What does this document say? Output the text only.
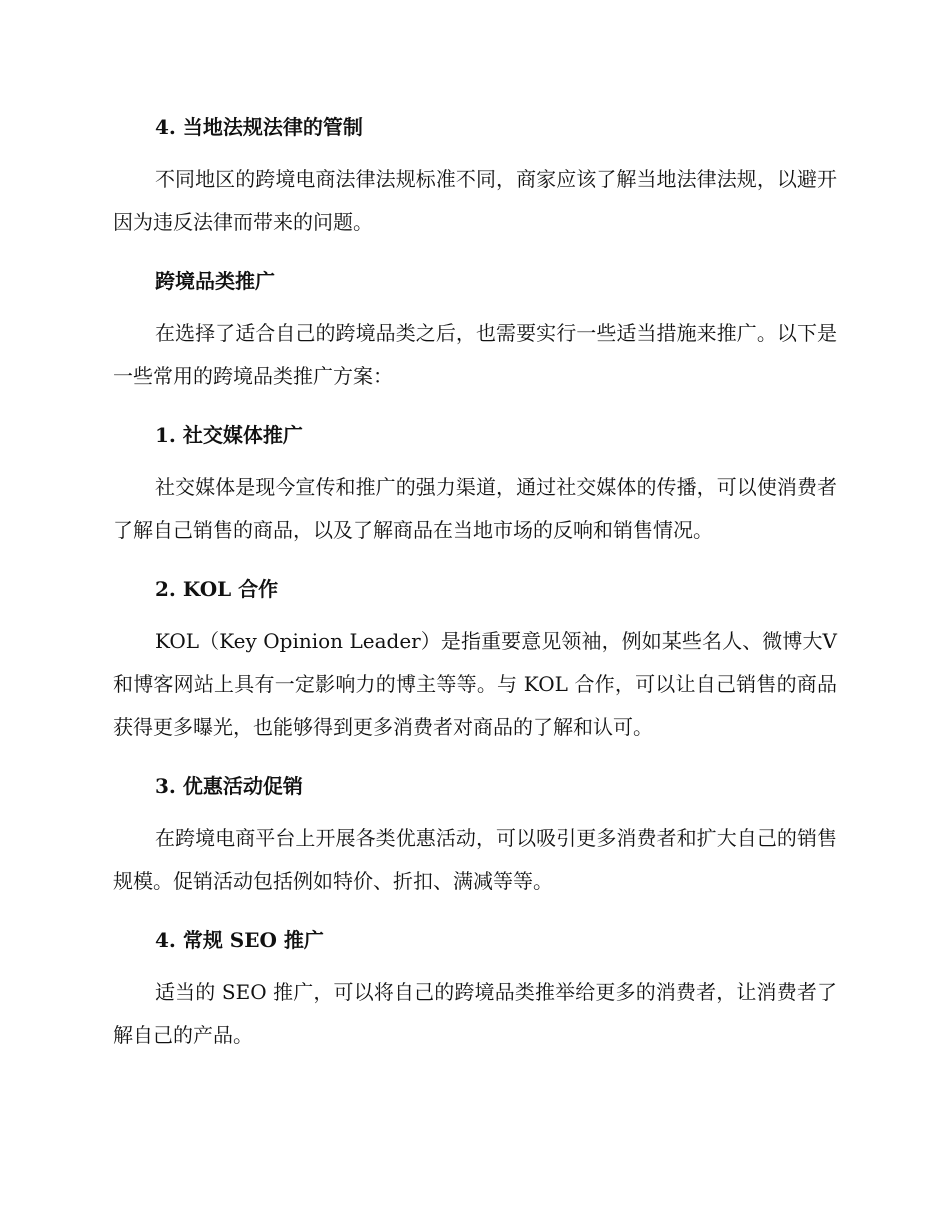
4. 当地法规法律的管制
不同地区的跨境电商法律法规标准不同，商家应该了解当地法律法规，以避开因为违反法律而带来的问题。
跨境品类推广
在选择了适合自己的跨境品类之后，也需要实行一些适当措施来推广。以下是一些常用的跨境品类推广方案：
1. 社交媒体推广
社交媒体是现今宣传和推广的强力渠道，通过社交媒体的传播，可以使消费者了解自己销售的商品，以及了解商品在当地市场的反响和销售情况。
2. KOL 合作
KOL（Key Opinion Leader）是指重要意见领袖，例如某些名人、微博大V和博客网站上具有一定影响力的博主等等。与 KOL 合作，可以让自己销售的商品获得更多曝光，也能够得到更多消费者对商品的了解和认可。
3. 优惠活动促销
在跨境电商平台上开展各类优惠活动，可以吸引更多消费者和扩大自己的销售规模。促销活动包括例如特价、折扣、满减等等。
4. 常规 SEO 推广
适当的 SEO 推广，可以将自己的跨境品类推举给更多的消费者，让消费者了解自己的产品。
